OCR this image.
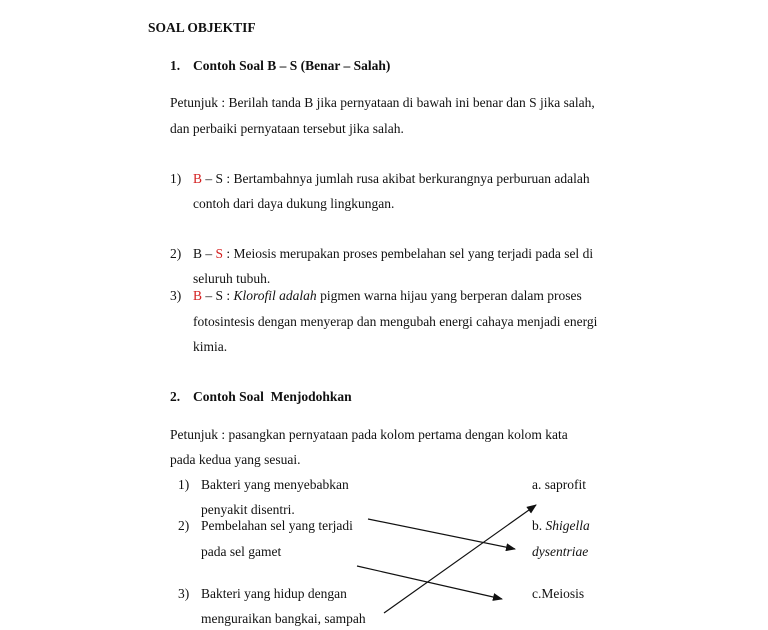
SOAL OBJEKTIF
1. Contoh Soal B – S (Benar – Salah)
Petunjuk : Berilah tanda B jika pernyataan di bawah ini benar dan S jika salah,
dan perbaiki pernyataan tersebut jika salah.
1) B – S : Bertambahnya jumlah rusa akibat berkurangnya perburuan adalah
contoh dari daya dukung lingkungan.
2) B – S : Meiosis merupakan proses pembelahan sel yang terjadi pada sel di
seluruh tubuh.
3) B – S : Klorofil adalah pigmen warna hijau yang berperan dalam proses
fotosintesis dengan menyerap dan mengubah energi cahaya menjadi energi
kimia.
2. Contoh Soal  Menjodohkan
Petunjuk : pasangkan pernyataan pada kolom pertama dengan kolom kata
pada kedua yang sesuai.
1) Bakteri yang menyebabkan
penyakit disentri.
2) Pembelahan sel yang terjadi
pada sel gamet
3) Bakteri yang hidup dengan
menguraikan bangkai, sampah
a. saprofit
b. Shigella
dysentriae
c.Meiosis
